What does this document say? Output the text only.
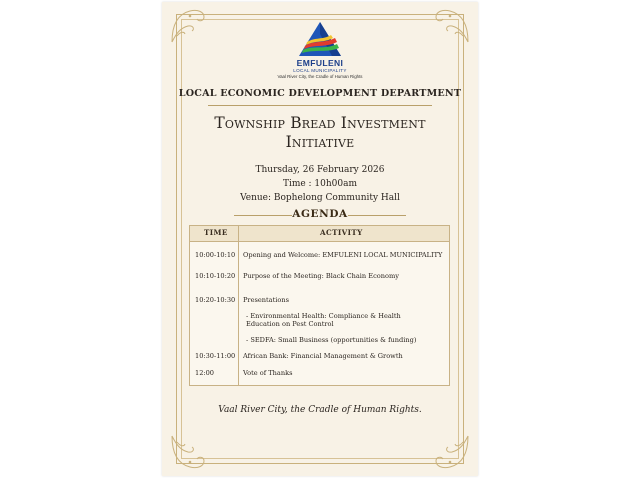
EMFULENI
LOCAL MUNICIPALITY
Vaal River City, the Cradle of Human Rights
LOCAL ECONOMIC DEVELOPMENT DEPARTMENT
Township Bread Investment
Initiative
Thursday, 26 February 2026
Time : 10h00am
Venue: Bophelong Community Hall
AGENDA
TIME	ACTIVITY
10:00-10:10 Opening and Welcome: EMFULENI LOCAL MUNICIPALITY
10:10-10:20 Purpose of the Meeting: Black Chain Economy
10:20-10:30 Presentations
- Environmental Health: Compliance & Health Education on Pest Control
- SEDFA: Small Business (opportunities & funding)
10:30-11:00 African Bank: Financial Management & Growth
12:00	Vote of Thanks
Vaal River City, the Cradle of Human Rights.
